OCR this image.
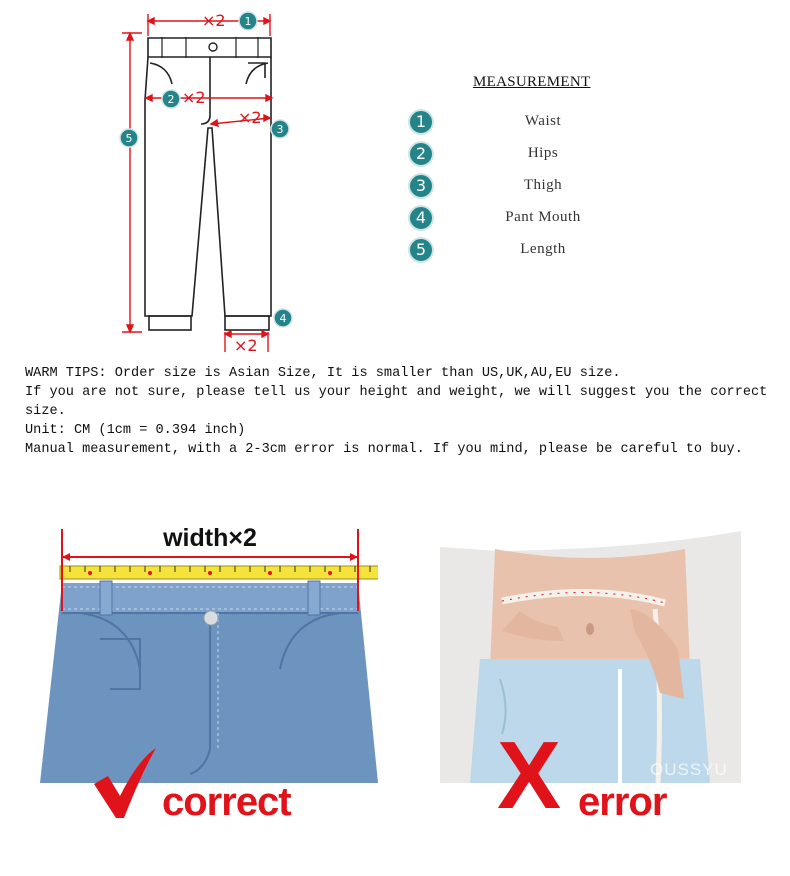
×2
×2
×2
×2
1
2
3
4
5
MEASUREMENT
1	Waist
2	Hips
3	Thigh
4	Pant Mouth
5	Length

WARM TIPS: Order size is Asian Size, It is smaller than US,UK,AU,EU size.

If you are not sure, please tell us your height and weight, we will suggest you the correct size.

Unit: CM (1cm = 0.394 inch)

Manual measurement, with a 2-3cm error is normal. If you mind, please be careful to buy.

width×2
correct
OUSSYU
X error
